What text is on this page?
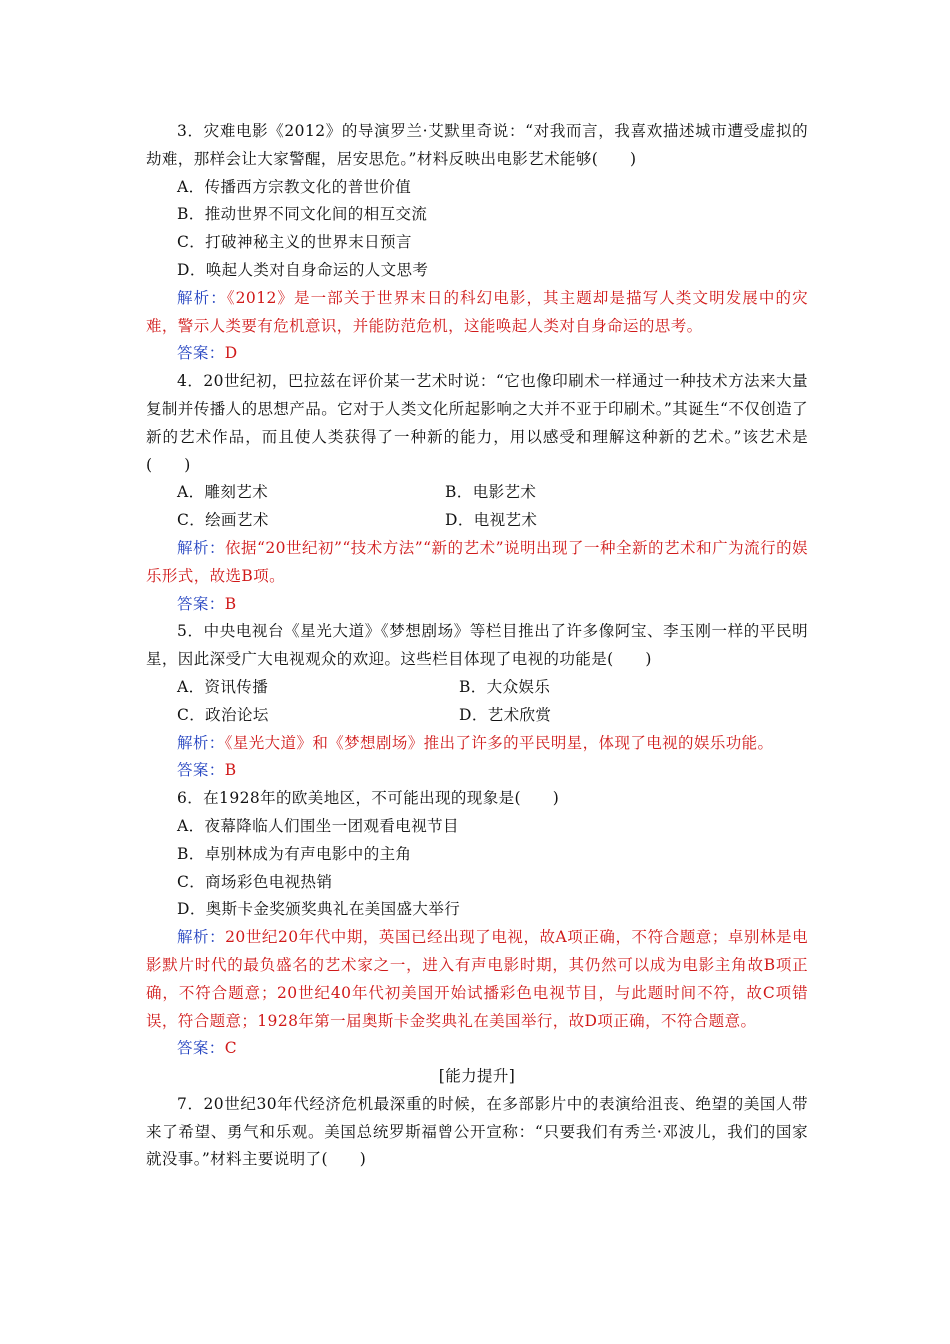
3．灾难电影《2012》的导演罗兰·艾默里奇说：“对我而言，我喜欢描述城市遭受虚拟的劫难，那样会让大家警醒，居安思危。”材料反映出电影艺术能够(　　)

A．传播西方宗教文化的普世价值

B．推动世界不同文化间的相互交流

C．打破神秘主义的世界末日预言

D．唤起人类对自身命运的人文思考

解析：《2012》是一部关于世界末日的科幻电影，其主题却是描写人类文明发展中的灾难，警示人类要有危机意识，并能防范危机，这能唤起人类对自身命运的思考。

答案：D

4．20世纪初，巴拉兹在评价某一艺术时说：“它也像印刷术一样通过一种技术方法来大量复制并传播人的思想产品。它对于人类文化所起影响之大并不亚于印刷术。”其诞生“不仅创造了新的艺术作品，而且使人类获得了一种新的能力，用以感受和理解这种新的艺术。”该艺术是(　　)

A．雕刻艺术	B．电影艺术
C．绘画艺术	D．电视艺术

解析：依据“20世纪初”“技术方法”“新的艺术”说明出现了一种全新的艺术和广为流行的娱乐形式，故选B项。

答案：B

5．中央电视台《星光大道》《梦想剧场》等栏目推出了许多像阿宝、李玉刚一样的平民明星，因此深受广大电视观众的欢迎。这些栏目体现了电视的功能是(　　)

A．资讯传播	B．大众娱乐
C．政治论坛	D．艺术欣赏

解析：《星光大道》和《梦想剧场》推出了许多的平民明星，体现了电视的娱乐功能。

答案：B

6．在1928年的欧美地区，不可能出现的现象是(　　)

A．夜幕降临人们围坐一团观看电视节目

B．卓别林成为有声电影中的主角

C．商场彩色电视热销

D．奥斯卡金奖颁奖典礼在美国盛大举行

解析：20世纪20年代中期，英国已经出现了电视，故A项正确，不符合题意；卓别林是电影默片时代的最负盛名的艺术家之一，进入有声电影时期，其仍然可以成为电影主角故B项正确，不符合题意；20世纪40年代初美国开始试播彩色电视节目，与此题时间不符，故C项错误，符合题意；1928年第一届奥斯卡金奖典礼在美国举行，故D项正确，不符合题意。

答案：C

[能力提升]

7．20世纪30年代经济危机最深重的时候，在多部影片中的表演给沮丧、绝望的美国人带来了希望、勇气和乐观。美国总统罗斯福曾公开宣称：“只要我们有秀兰·邓波儿，我们的国家就没事。”材料主要说明了(　　)
